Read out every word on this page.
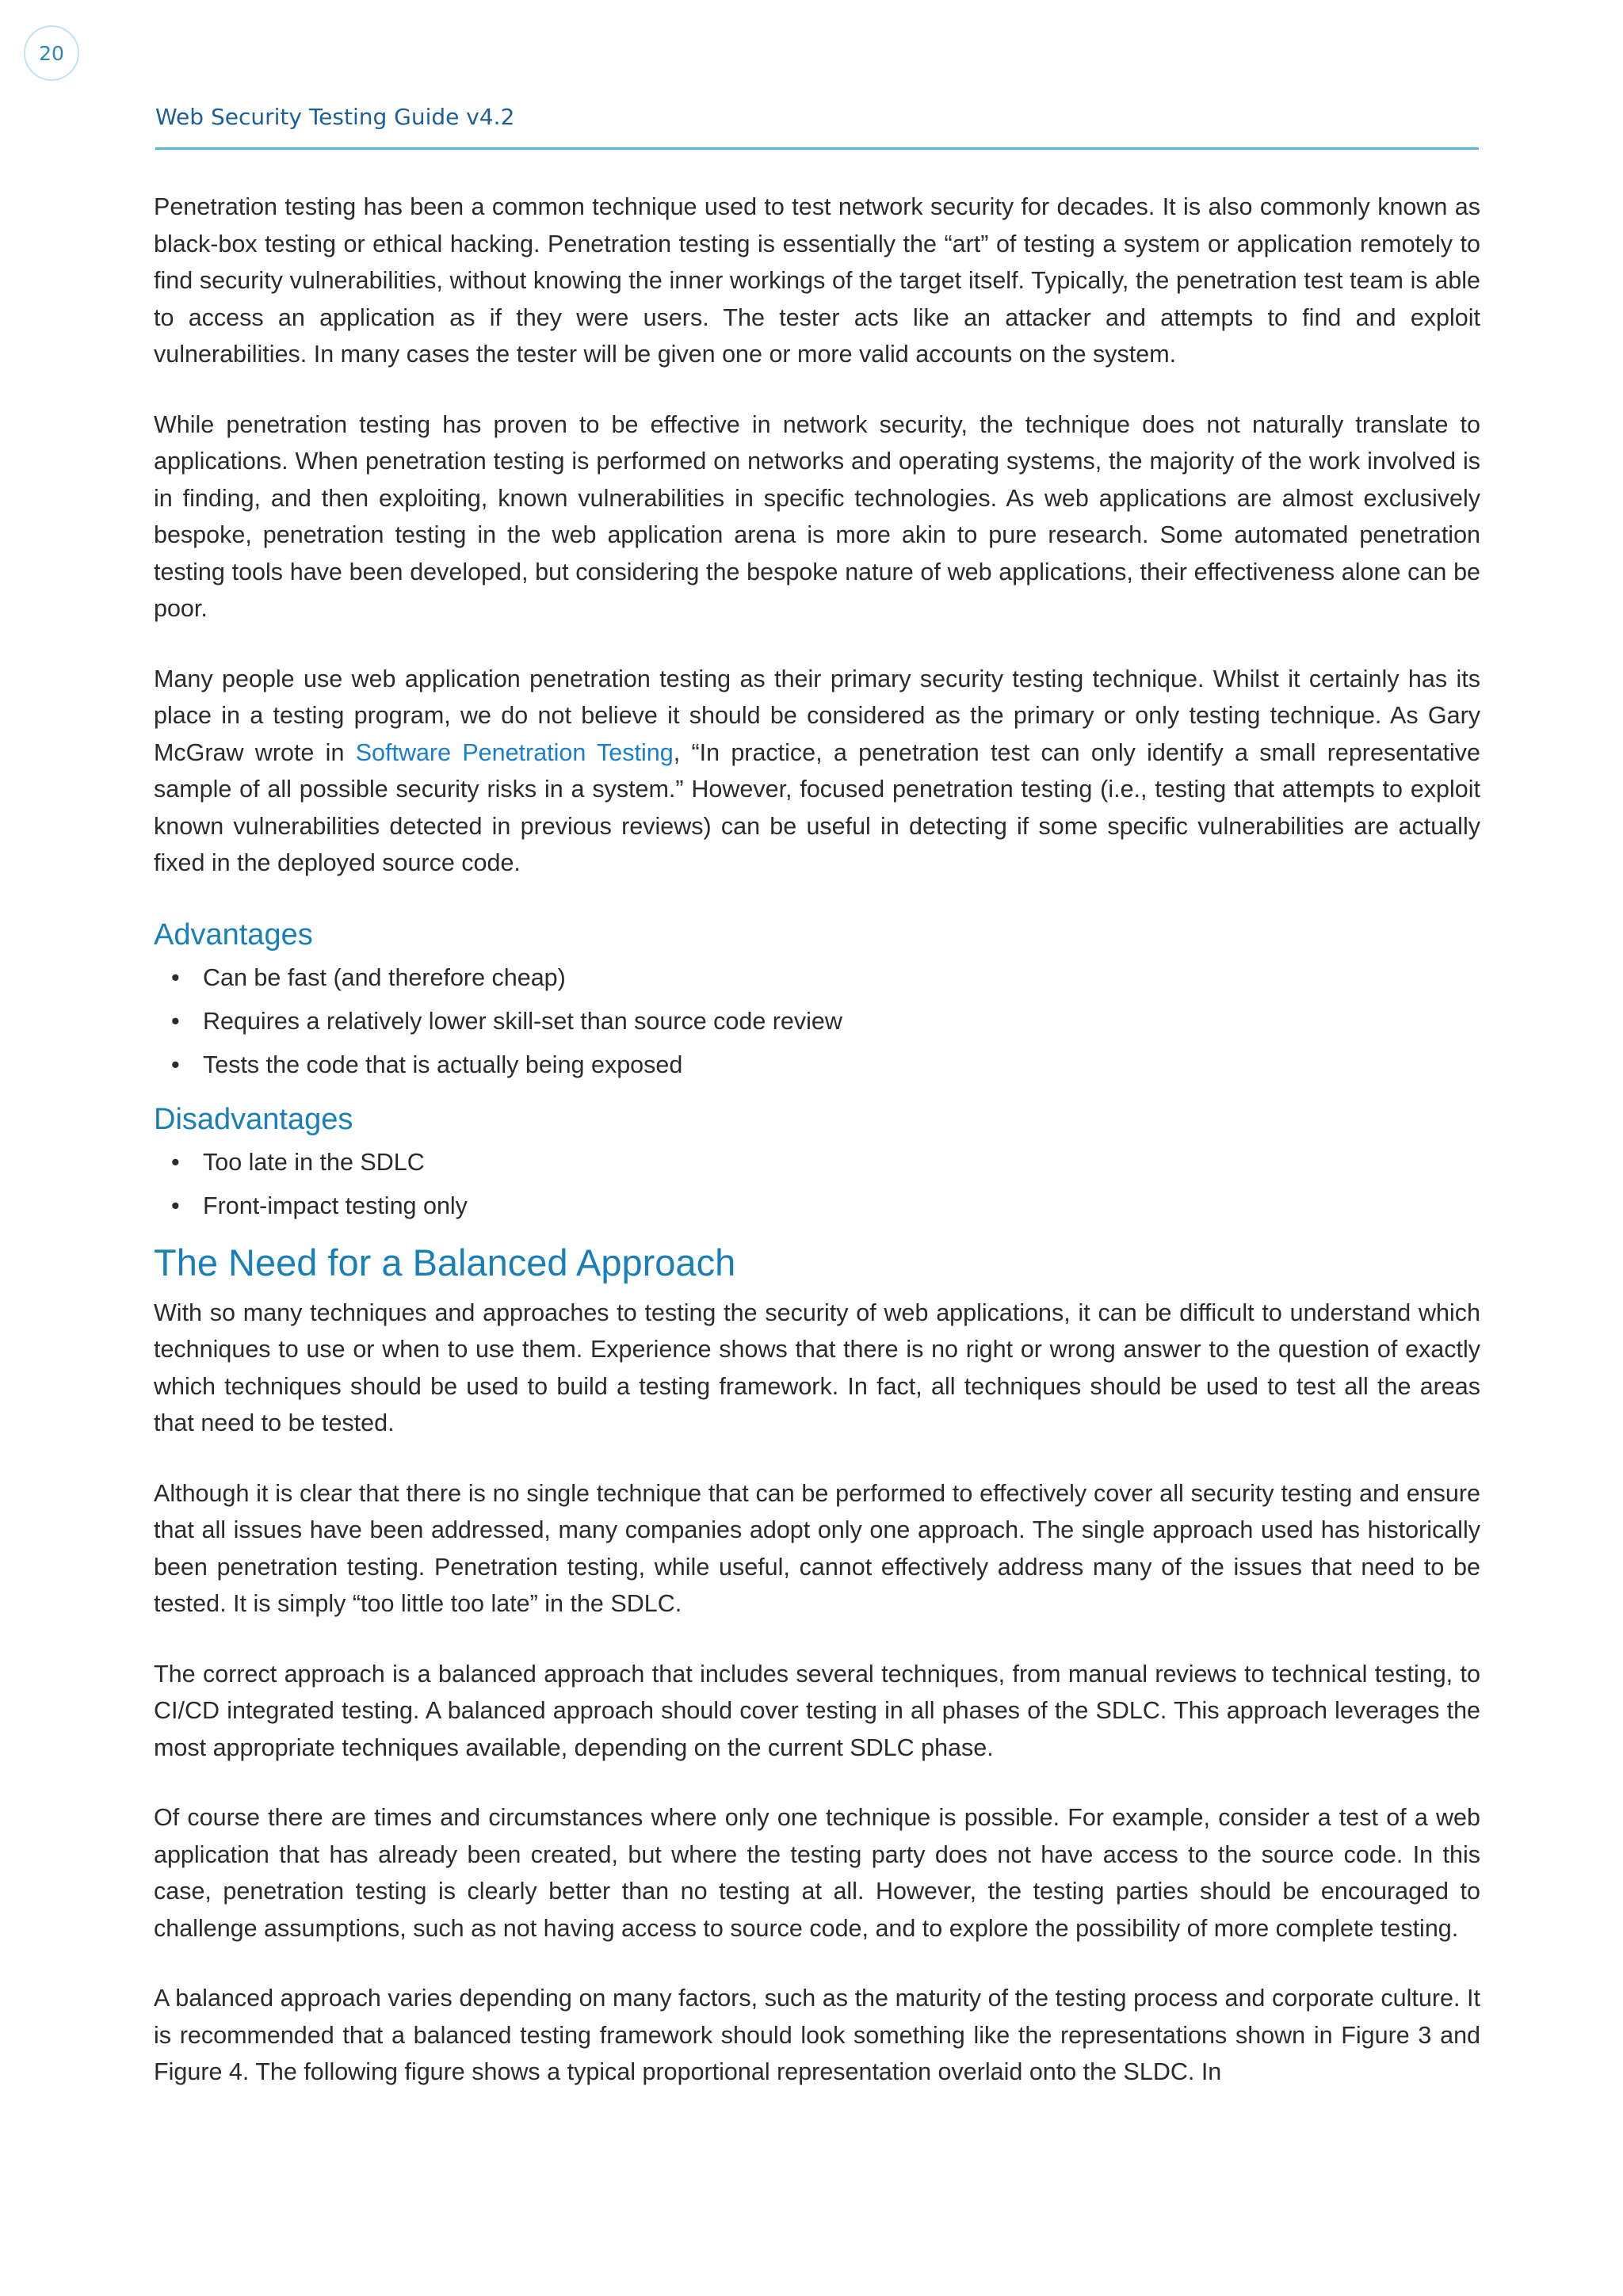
20
Web Security Testing Guide v4.2

Penetration testing has been a common technique used to test network security for decades. It is also commonly known as black-box testing or ethical hacking. Penetration testing is essentially the “art” of testing a system or application remotely to find security vulnerabilities, without knowing the inner workings of the target itself. Typically, the penetration test team is able to access an application as if they were users. The tester acts like an attacker and attempts to find and exploit vulnerabilities. In many cases the tester will be given one or more valid accounts on the system.

While penetration testing has proven to be effective in network security, the technique does not naturally translate to applications. When penetration testing is performed on networks and operating systems, the majority of the work involved is in finding, and then exploiting, known vulnerabilities in specific technologies. As web applications are almost exclusively bespoke, penetration testing in the web application arena is more akin to pure research. Some automated penetration testing tools have been developed, but considering the bespoke nature of web applications, their effectiveness alone can be poor.

Many people use web application penetration testing as their primary security testing technique. Whilst it certainly has its place in a testing program, we do not believe it should be considered as the primary or only testing technique. As Gary McGraw wrote in Software Penetration Testing, “In practice, a penetration test can only identify a small representative sample of all possible security risks in a system.” However, focused penetration testing (i.e., testing that attempts to exploit known vulnerabilities detected in previous reviews) can be useful in detecting if some specific vulnerabilities are actually fixed in the deployed source code.

Advantages
• Can be fast (and therefore cheap)
• Requires a relatively lower skill-set than source code review
• Tests the code that is actually being exposed
Disadvantages
• Too late in the SDLC
• Front-impact testing only
The Need for a Balanced Approach

With so many techniques and approaches to testing the security of web applications, it can be difficult to understand which techniques to use or when to use them. Experience shows that there is no right or wrong answer to the question of exactly which techniques should be used to build a testing framework. In fact, all techniques should be used to test all the areas that need to be tested.

Although it is clear that there is no single technique that can be performed to effectively cover all security testing and ensure that all issues have been addressed, many companies adopt only one approach. The single approach used has historically been penetration testing. Penetration testing, while useful, cannot effectively address many of the issues that need to be tested. It is simply “too little too late” in the SDLC.

The correct approach is a balanced approach that includes several techniques, from manual reviews to technical testing, to CI/CD integrated testing. A balanced approach should cover testing in all phases of the SDLC. This approach leverages the most appropriate techniques available, depending on the current SDLC phase.

Of course there are times and circumstances where only one technique is possible. For example, consider a test of a web application that has already been created, but where the testing party does not have access to the source code. In this case, penetration testing is clearly better than no testing at all. However, the testing parties should be encouraged to challenge assumptions, such as not having access to source code, and to explore the possibility of more complete testing.

A balanced approach varies depending on many factors, such as the maturity of the testing process and corporate culture. It is recommended that a balanced testing framework should look something like the representations shown in Figure 3 and Figure 4. The following figure shows a typical proportional representation overlaid onto the SLDC. In
